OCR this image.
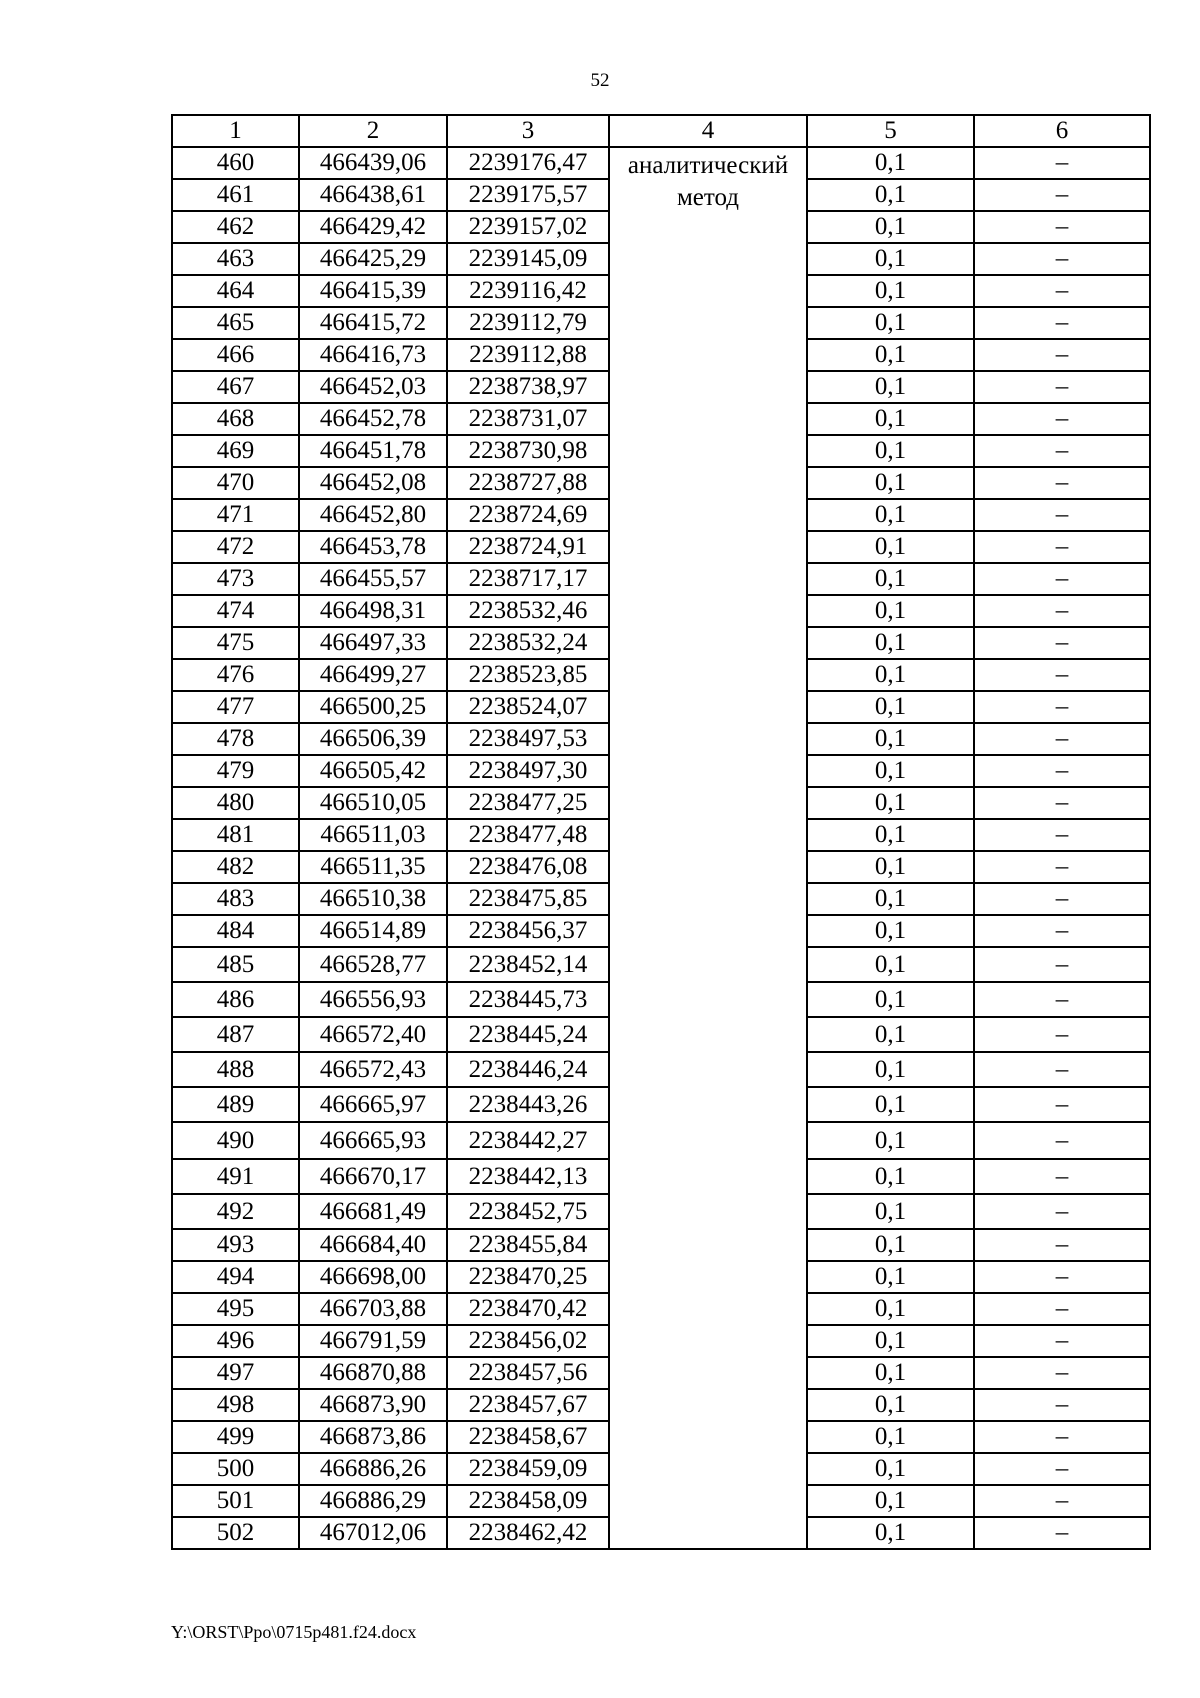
52
1	2	3	4	5	6
460	466439,06	2239176,47	аналитический метод	0,1	–
461	466438,61	2239175,57		0,1	–
462	466429,42	2239157,02		0,1	–
463	466425,29	2239145,09		0,1	–
464	466415,39	2239116,42		0,1	–
465	466415,72	2239112,79		0,1	–
466	466416,73	2239112,88		0,1	–
467	466452,03	2238738,97		0,1	–
468	466452,78	2238731,07		0,1	–
469	466451,78	2238730,98		0,1	–
470	466452,08	2238727,88		0,1	–
471	466452,80	2238724,69		0,1	–
472	466453,78	2238724,91		0,1	–
473	466455,57	2238717,17		0,1	–
474	466498,31	2238532,46		0,1	–
475	466497,33	2238532,24		0,1	–
476	466499,27	2238523,85		0,1	–
477	466500,25	2238524,07		0,1	–
478	466506,39	2238497,53		0,1	–
479	466505,42	2238497,30		0,1	–
480	466510,05	2238477,25		0,1	–
481	466511,03	2238477,48		0,1	–
482	466511,35	2238476,08		0,1	–
483	466510,38	2238475,85		0,1	–
484	466514,89	2238456,37		0,1	–
485	466528,77	2238452,14		0,1	–
486	466556,93	2238445,73		0,1	–
487	466572,40	2238445,24		0,1	–
488	466572,43	2238446,24		0,1	–
489	466665,97	2238443,26		0,1	–
490	466665,93	2238442,27		0,1	–
491	466670,17	2238442,13		0,1	–
492	466681,49	2238452,75		0,1	–
493	466684,40	2238455,84		0,1	–
494	466698,00	2238470,25		0,1	–
495	466703,88	2238470,42		0,1	–
496	466791,59	2238456,02		0,1	–
497	466870,88	2238457,56		0,1	–
498	466873,90	2238457,67		0,1	–
499	466873,86	2238458,67		0,1	–
500	466886,26	2238459,09		0,1	–
501	466886,29	2238458,09		0,1	–
502	467012,06	2238462,42		0,1	–
Y:\ORST\Ppo\0715p481.f24.docx
